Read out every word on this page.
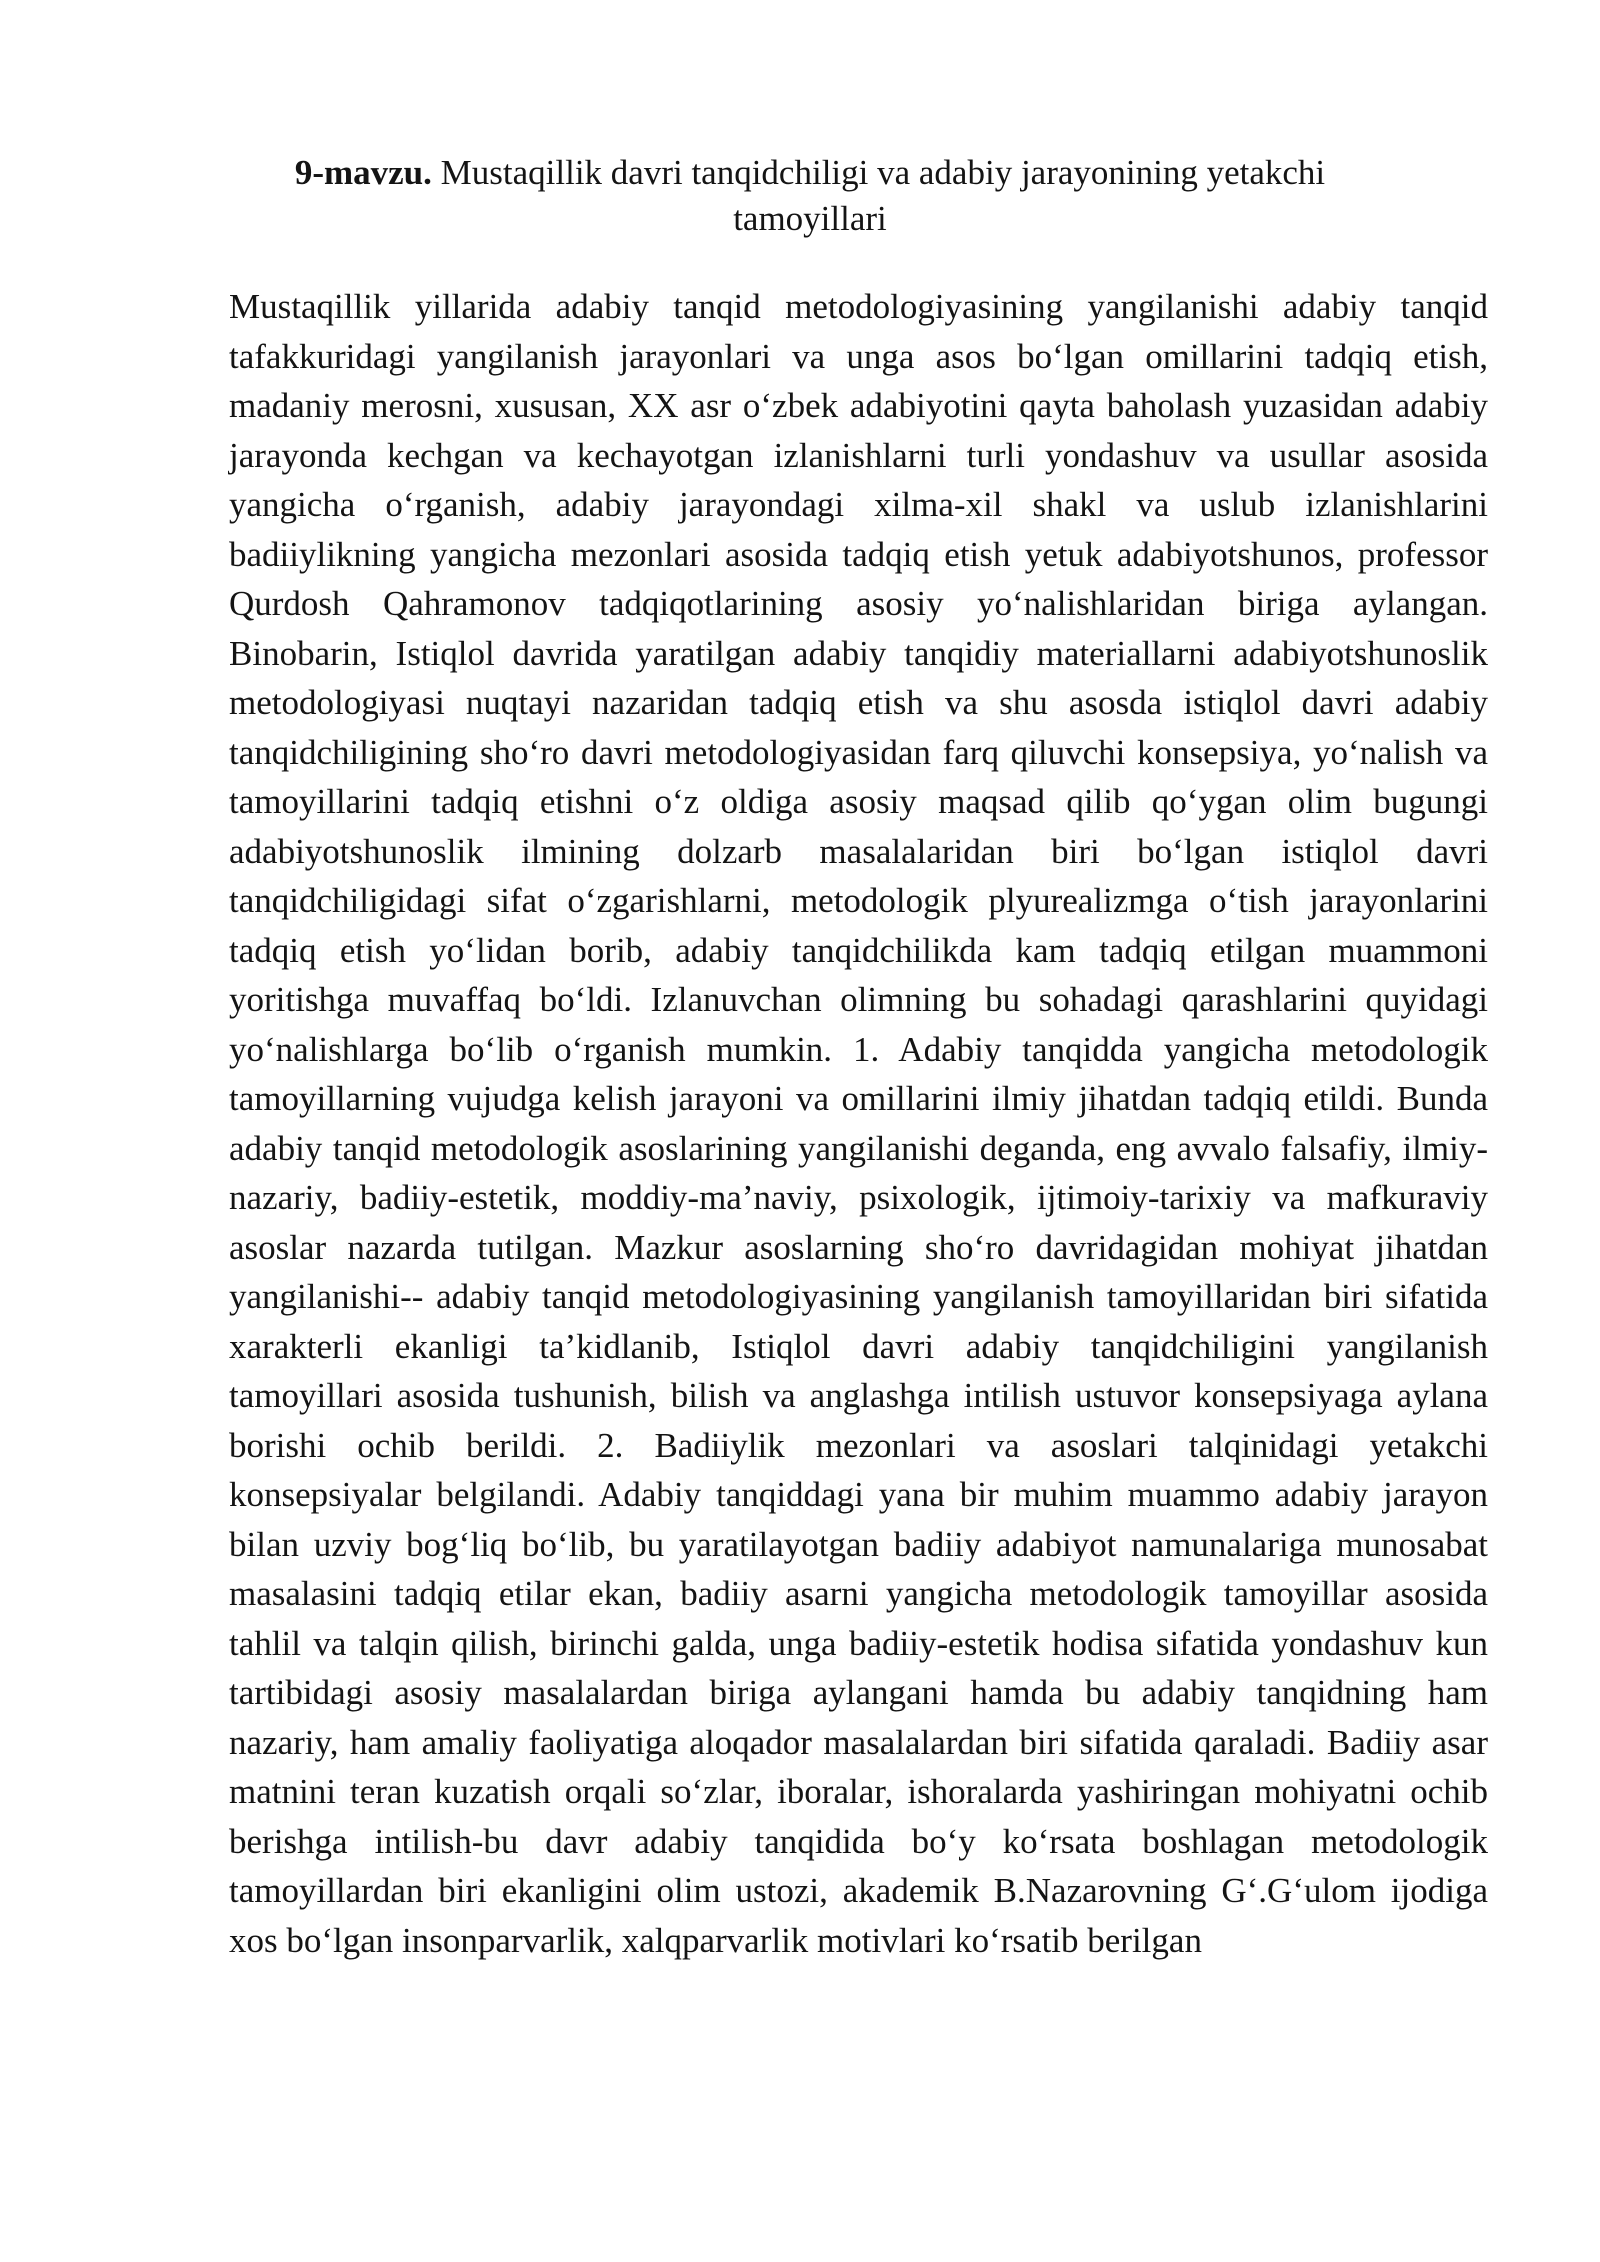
9-mavzu. Mustaqillik davri tanqidchiligi va adabiy jarayonining yetakchi tamoyillari
Mustaqillik yillarida adabiy tanqid metodologiyasining yangilanishi adabiy tanqid tafakkuridagi yangilanish jarayonlari va unga asos bo‘lgan omillarini tadqiq etish, madaniy merosni, xususan, XX asr o‘zbek adabiyotini qayta baholash yuzasidan adabiy jarayonda kechgan va kechayotgan izlanishlarni turli yondashuv va usullar asosida yangicha o‘rganish, adabiy jarayondagi xilma-xil shakl va uslub izlanishlarini badiiylikning yangicha mezonlari asosida tadqiq etish yetuk adabiyotshunos, professor Qurdosh Qahramonov tadqiqotlarining asosiy yo‘nalishlaridan biriga aylangan. Binobarin, Istiqlol davrida yaratilgan adabiy tanqidiy materiallarni adabiyotshunoslik metodologiyasi nuqtayi nazaridan tadqiq etish va shu asosda istiqlol davri adabiy tanqidchiligining sho‘ro davri metodologiyasidan farq qiluvchi konsepsiya, yo‘nalish va tamoyillarini tadqiq etishni o‘z oldiga asosiy maqsad qilib qo‘ygan olim bugungi adabiyotshunoslik ilmining dolzarb masalalaridan biri bo‘lgan istiqlol davri tanqidchiligidagi sifat o‘zgarishlarni, metodologik plyurealizmga o‘tish jarayonlarini tadqiq etish yo‘lidan borib, adabiy tanqidchilikda kam tadqiq etilgan muammoni yoritishga muvaffaq bo‘ldi. Izlanuvchan olimning bu sohadagi qarashlarini quyidagi yo‘nalishlarga bo‘lib o‘rganish mumkin. 1. Adabiy tanqidda yangicha metodologik tamoyillarning vujudga kelish jarayoni va omillarini ilmiy jihatdan tadqiq etildi. Bunda adabiy tanqid metodologik asoslarining yangilanishi deganda, eng avvalo falsafiy, ilmiy-nazariy, badiiy-estetik, moddiy-ma’naviy, psixologik, ijtimoiy-tarixiy va mafkuraviy asoslar nazarda tutilgan. Mazkur asoslarning sho‘ro davridagidan mohiyat jihatdan yangilanishi-- adabiy tanqid metodologiyasining yangilanish tamoyillaridan biri sifatida xarakterli ekanligi ta’kidlanib, Istiqlol davri adabiy tanqidchiligini yangilanish tamoyillari asosida tushunish, bilish va anglashga intilish ustuvor konsepsiyaga aylana borishi ochib berildi. 2. Badiiylik mezonlari va asoslari talqinidagi yetakchi konsepsiyalar belgilandi. Adabiy tanqiddagi yana bir muhim muammo adabiy jarayon bilan uzviy bog‘liq bo‘lib, bu yaratilayotgan badiiy adabiyot namunalariga munosabat masalasini tadqiq etilar ekan, badiiy asarni yangicha metodologik tamoyillar asosida tahlil va talqin qilish, birinchi galda, unga badiiy-estetik hodisa sifatida yondashuv kun tartibidagi asosiy masalalardan biriga aylangani hamda bu adabiy tanqidning ham nazariy, ham amaliy faoliyatiga aloqador masalalardan biri sifatida qaraladi. Badiiy asar matnini teran kuzatish orqali so‘zlar, iboralar, ishoralarda yashiringan mohiyatni ochib berishga intilish-bu davr adabiy tanqidida bo‘y ko‘rsata boshlagan metodologik tamoyillardan biri ekanligini olim ustozi, akademik B.Nazarovning G‘.G‘ulom ijodiga xos bo‘lgan insonparvarlik, xalqparvarlik motivlari ko‘rsatib berilgan
